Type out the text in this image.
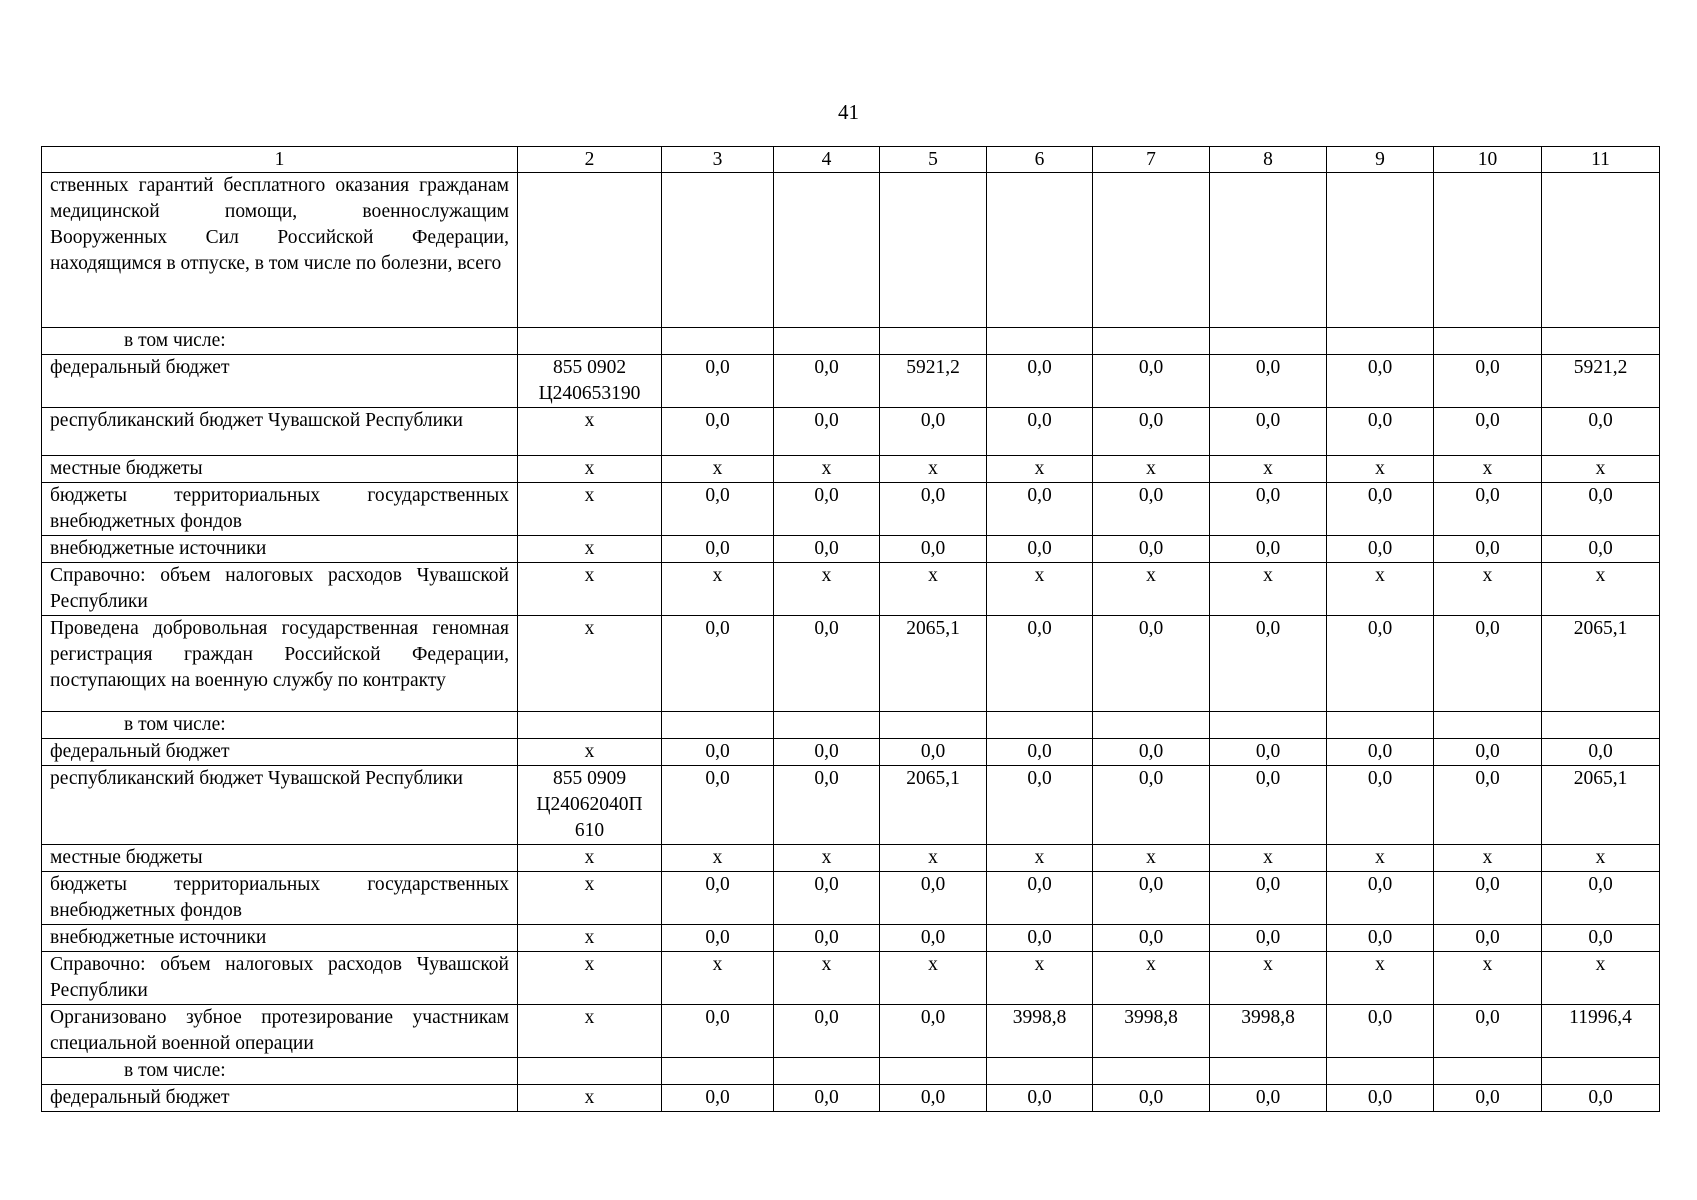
41
1	2	3	4	5	6	7	8	9	10	11
ственных гарантий бесплатного оказания гражданам медицинской помощи, военнослужащим Вооруженных Сил Российской Федерации, находящимся в отпуске, в том числе по болезни, всего										
в том числе:										
федеральный бюджет	855 0902 Ц240653190	0,0	0,0	5921,2	0,0	0,0	0,0	0,0	0,0	5921,2
республиканский бюджет Чувашской Республики	х	0,0	0,0	0,0	0,0	0,0	0,0	0,0	0,0	0,0
местные бюджеты	х	х	х	х	х	х	х	х	х	х
бюджеты территориальных государственных внебюджетных фондов	х	0,0	0,0	0,0	0,0	0,0	0,0	0,0	0,0	0,0
внебюджетные источники	х	0,0	0,0	0,0	0,0	0,0	0,0	0,0	0,0	0,0
Справочно: объем налоговых расходов Чувашской Республики	х	х	х	х	х	х	х	х	х	х
Проведена добровольная государственная геномная регистрация граждан Российской Федерации, поступающих на военную службу по контракту	х	0,0	0,0	2065,1	0,0	0,0	0,0	0,0	0,0	2065,1
в том числе:										
федеральный бюджет	х	0,0	0,0	0,0	0,0	0,0	0,0	0,0	0,0	0,0
республиканский бюджет Чувашской Республики	855 0909 Ц24062040П 610	0,0	0,0	2065,1	0,0	0,0	0,0	0,0	0,0	2065,1
местные бюджеты	х	х	х	х	х	х	х	х	х	х
бюджеты территориальных государственных внебюджетных фондов	х	0,0	0,0	0,0	0,0	0,0	0,0	0,0	0,0	0,0
внебюджетные источники	х	0,0	0,0	0,0	0,0	0,0	0,0	0,0	0,0	0,0
Справочно: объем налоговых расходов Чувашской Республики	х	х	х	х	х	х	х	х	х	х
Организовано зубное протезирование участникам специальной военной операции	х	0,0	0,0	0,0	3998,8	3998,8	3998,8	0,0	0,0	11996,4
в том числе:										
федеральный бюджет	х	0,0	0,0	0,0	0,0	0,0	0,0	0,0	0,0	0,0
